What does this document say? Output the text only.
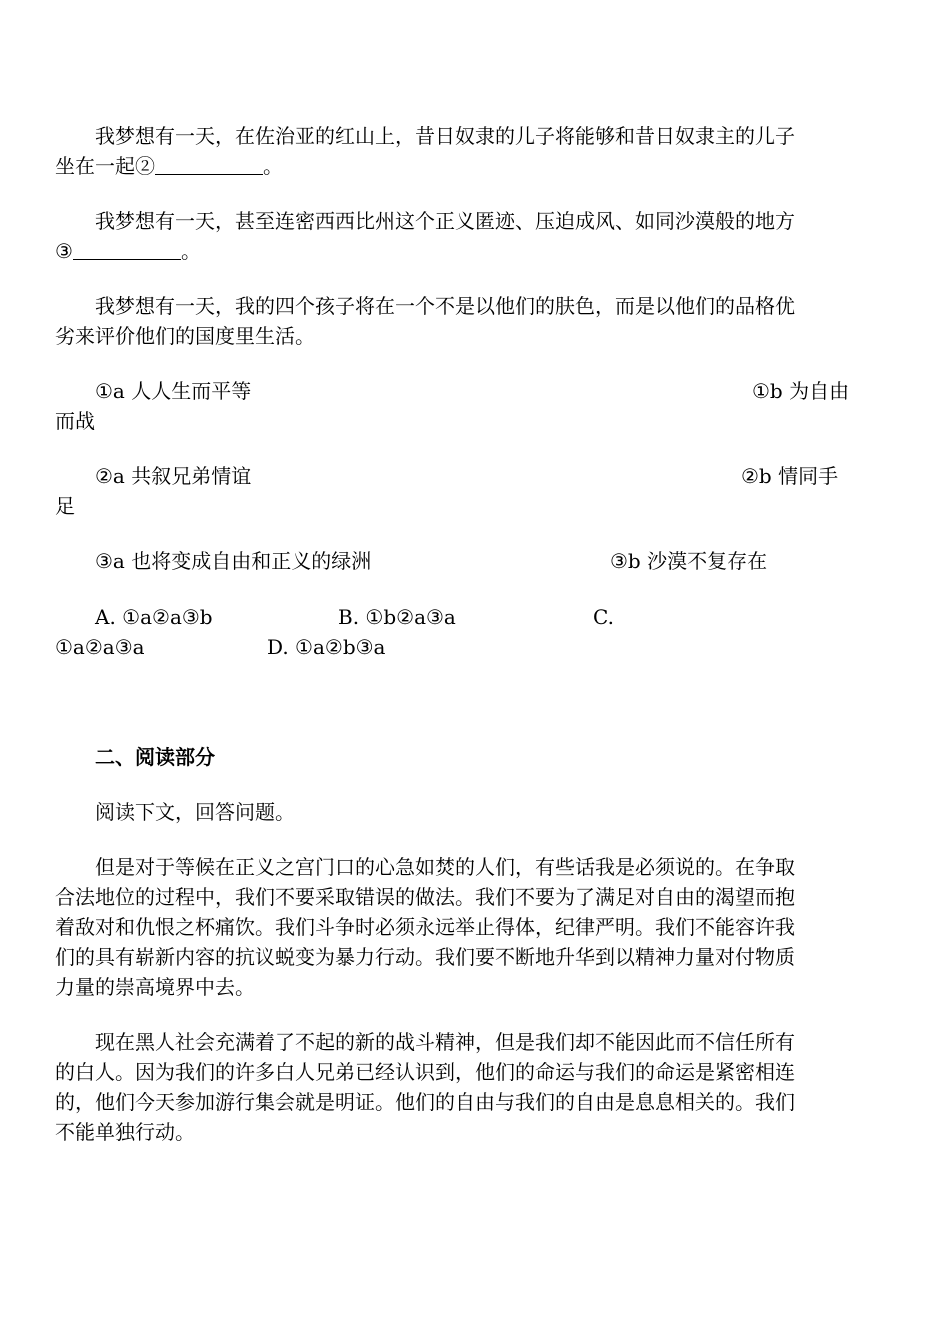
我梦想有一天，在佐治亚的红山上，昔日奴隶的儿子将能够和昔日奴隶主的儿子
坐在一起②	。
我梦想有一天，甚至连密西西比州这个正义匿迹、压迫成风、如同沙漠般的地方
③	。
我梦想有一天，我的四个孩子将在一个不是以他们的肤色，而是以他们的品格优
劣来评价他们的国度里生活。
①a 人人生而平等	①b 为自由
而战
②a 共叙兄弟情谊	②b 情同手
足
③a 也将变成自由和正义的绿洲	③b 沙漠不复存在
A. ①a②a③b	B. ①b②a③a	C.
①a②a③a	D. ①a②b③a
二、阅读部分
阅读下文，回答问题。
但是对于等候在正义之宫门口的心急如焚的人们，有些话我是必须说的。在争取
合法地位的过程中，我们不要采取错误的做法。我们不要为了满足对自由的渴望而抱
着敌对和仇恨之杯痛饮。我们斗争时必须永远举止得体，纪律严明。我们不能容许我
们的具有崭新内容的抗议蜕变为暴力行动。我们要不断地升华到以精神力量对付物质
力量的崇高境界中去。
现在黑人社会充满着了不起的新的战斗精神，但是我们却不能因此而不信任所有
的白人。因为我们的许多白人兄弟已经认识到，他们的命运与我们的命运是紧密相连
的，他们今天参加游行集会就是明证。他们的自由与我们的自由是息息相关的。我们
不能单独行动。
